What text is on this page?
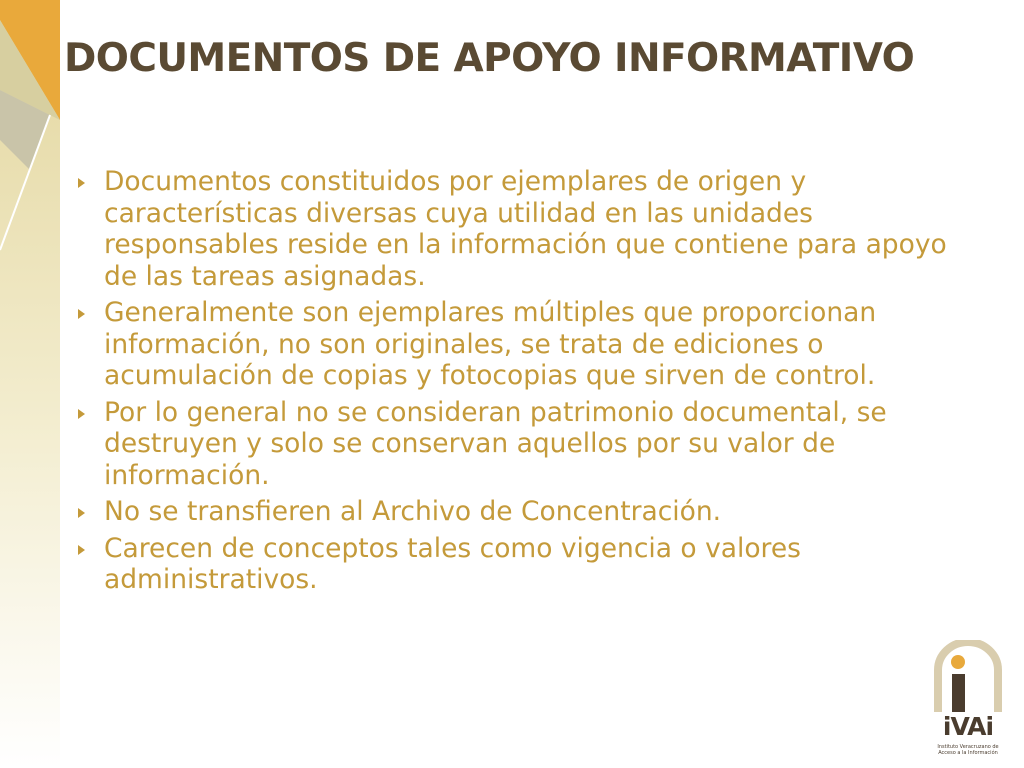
DOCUMENTOS DE APOYO INFORMATIVO
Documentos constituidos por ejemplares de origen y características diversas cuya utilidad en las unidades responsables reside en la información que contiene para apoyo de las tareas asignadas.
Generalmente son ejemplares múltiples que proporcionan información, no son originales, se trata de ediciones o acumulación de copias y fotocopias que sirven de control.
Por lo general no se consideran patrimonio documental, se destruyen y solo se conservan aquellos por su valor de información.
No se transfieren al Archivo de Concentración.
Carecen de conceptos tales como vigencia o valores administrativos.
iVAi
Instituto Veracruzano de Acceso a la Información
